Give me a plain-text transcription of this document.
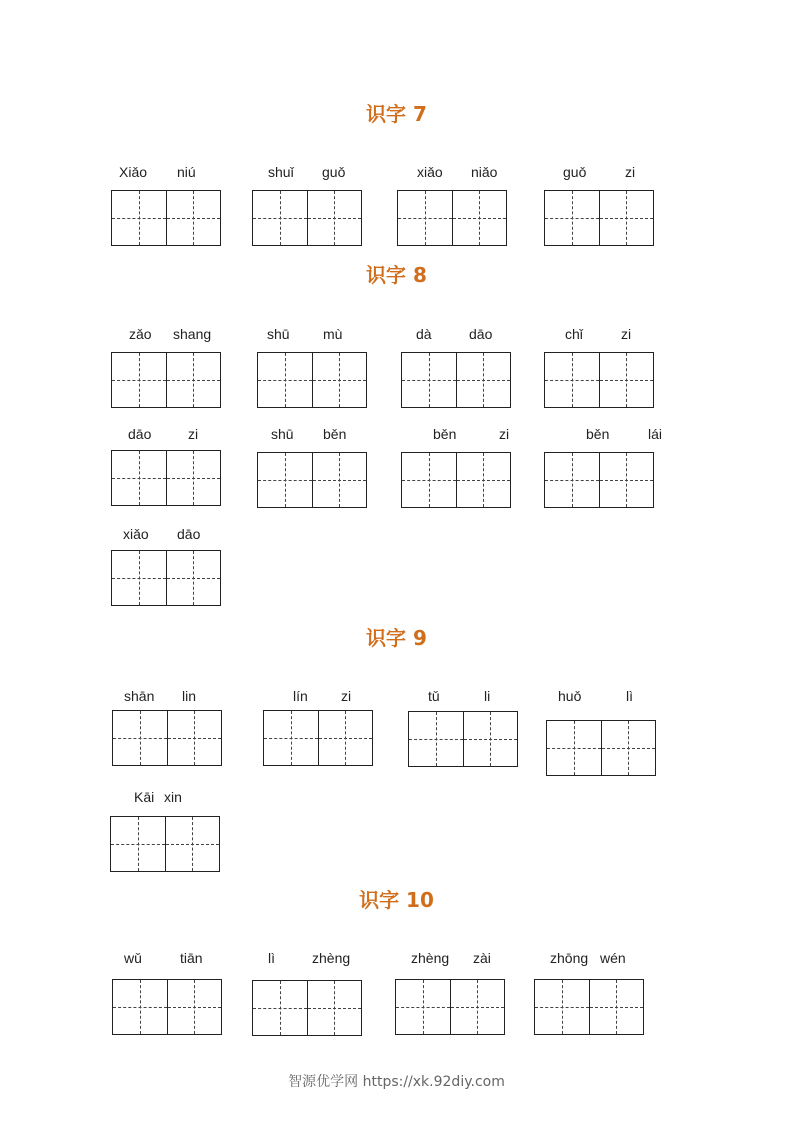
识字 7
Xiǎo niú	shuǐ guǒ	xiǎo niǎo	guǒ	zi
识字 8
zǎo shang	shū mù	dà	dāo	chǐ	zi
dāo	zi	shū běn	běn	zi	běn	lái
xiǎo dāo
识字 9
shān lin	lín zi	tǔ	li	huǒ	lì
Kāi xin
识字 10
wǔ	tiān	lì	zhèng	zhèng zài	zhōng wén
智源优学网 https://xk.92diy.com
